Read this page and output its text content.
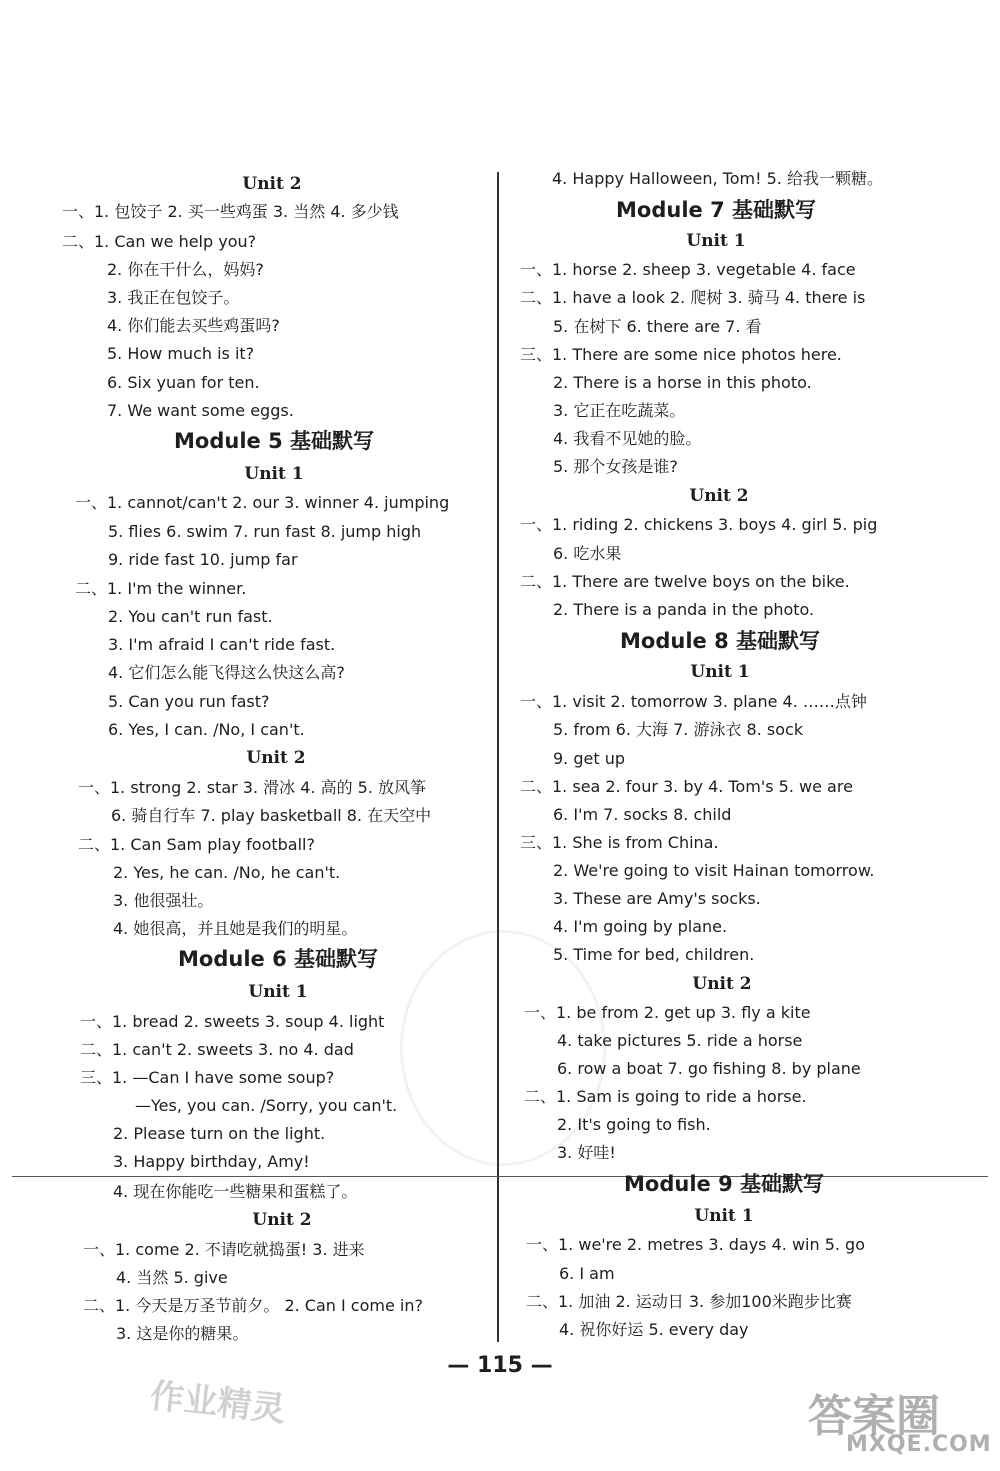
Unit 2
一、1. 包饺子 2. 买一些鸡蛋 3. 当然 4. 多少钱
二、1. Can we help you?
2. 你在干什么，妈妈?
3. 我正在包饺子。
4. 你们能去买些鸡蛋吗?
5. How much is it?
6. Six yuan for ten.
7. We want some eggs.
Module 5 基础默写
Unit 1
一、1. cannot/can't 2. our 3. winner 4. jumping
5. flies 6. swim 7. run fast 8. jump high
9. ride fast 10. jump far
二、1. I'm the winner.
2. You can't run fast.
3. I'm afraid I can't ride fast.
4. 它们怎么能飞得这么快这么高?
5. Can you run fast?
6. Yes, I can. /No, I can't.
Unit 2
一、1. strong 2. star 3. 滑冰 4. 高的 5. 放风筝
6. 骑自行车 7. play basketball 8. 在天空中
二、1. Can Sam play football?
2. Yes, he can. /No, he can't.
3. 他很强壮。
4. 她很高，并且她是我们的明星。
Module 6 基础默写
Unit 1
一、1. bread 2. sweets 3. soup 4. light
二、1. can't 2. sweets 3. no 4. dad
三、1. —Can I have some soup?
—Yes, you can. /Sorry, you can't.
2. Please turn on the light.
3. Happy birthday, Amy!
4. 现在你能吃一些糖果和蛋糕了。
Unit 2
一、1. come 2. 不请吃就捣蛋! 3. 进来
4. 当然 5. give
二、1. 今天是万圣节前夕。 2. Can I come in?
3. 这是你的糖果。
4. Happy Halloween, Tom! 5. 给我一颗糖。
Module 7 基础默写
Unit 1
一、1. horse 2. sheep 3. vegetable 4. face
二、1. have a look 2. 爬树 3. 骑马 4. there is
5. 在树下 6. there are 7. 看
三、1. There are some nice photos here.
2. There is a horse in this photo.
3. 它正在吃蔬菜。
4. 我看不见她的脸。
5. 那个女孩是谁?
Unit 2
一、1. riding 2. chickens 3. boys 4. girl 5. pig
6. 吃水果
二、1. There are twelve boys on the bike.
2. There is a panda in the photo.
Module 8 基础默写
Unit 1
一、1. visit 2. tomorrow 3. plane 4. ……点钟
5. from 6. 大海 7. 游泳衣 8. sock
9. get up
二、1. sea 2. four 3. by 4. Tom's 5. we are
6. I'm 7. socks 8. child
三、1. She is from China.
2. We're going to visit Hainan tomorrow.
3. These are Amy's socks.
4. I'm going by plane.
5. Time for bed, children.
Unit 2
一、1. be from 2. get up 3. fly a kite
4. take pictures 5. ride a horse
6. row a boat 7. go fishing 8. by plane
二、1. Sam is going to ride a horse.
2. It's going to fish.
3. 好哇!
Module 9 基础默写
Unit 1
一、1. we're 2. metres 3. days 4. win 5. go
6. I am
二、1. 加油 2. 运动日 3. 参加100米跑步比赛
4. 祝你好运 5. every day
— 115 —
作业精灵	答案圈
MXQE.COM
